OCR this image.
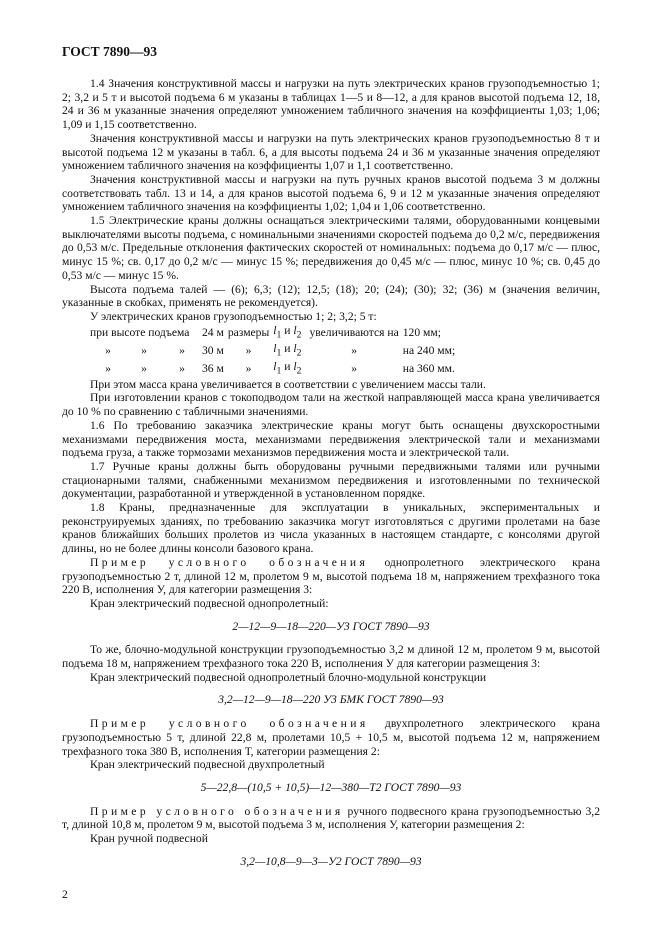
ГОСТ 7890—93

1.4 Значения конструктивной массы и нагрузки на путь электрических кранов грузоподъемностью 1; 2; 3,2 и 5 т и высотой подъема 6 м указаны в таблицах 1—5 и 8—12, а для кранов высотой подъема 12, 18, 24 и 36 м указанные значения определяют умножением табличного значения на коэффициенты 1,03; 1,06; 1,09 и 1,15 соответственно.

Значения конструктивной массы и нагрузки на путь электрических кранов грузоподъемностью 8 т и высотой подъема 12 м указаны в табл. 6, а для высоты подъема 24 и 36 м указанные значения определяют умножением табличного значения на коэффициенты 1,07 и 1,1 соответственно.

Значения конструктивной массы и нагрузки на путь ручных кранов высотой подъема 3 м должны соответствовать табл. 13 и 14, а для кранов высотой подъема 6, 9 и 12 м указанные значения определяют умножением табличного значения на коэффициенты 1,02; 1,04 и 1,06 соответственно.

1.5 Электрические краны должны оснащаться электрическими талями, оборудованными концевыми выключателями высоты подъема, с номинальными значениями скоростей подъема до 0,2 м/с, передвижения до 0,53 м/с. Предельные отклонения фактических скоростей от номинальных: подъема до 0,17 м/с — плюс, минус 15 %; св. 0,17 до 0,2 м/с — минус 15 %; передвижения до 0,45 м/с — плюс, минус 10 %; св. 0,45 до 0,53 м/с — минус 15 %.

Высота подъема талей — (6); 6,3; (12); 12,5; (18); 20; (24); (30); 32; (36) м (значения величин, указанные в скобках, применять не рекомендуется).

У электрических кранов грузоподъемностью 1; 2; 3,2; 5 т:

при высоте подъема			24 м	размеры	$l_1$ и $l_2$	увеличиваются на	120 мм;
»	»	»	30 м	»	$l_1$ и $l_2$	»	на 240 мм;
»	»	»	36 м	»	$l_1$ и $l_2$	»	на 360 мм.

При этом масса крана увеличивается в соответствии с увеличением массы тали.

При изготовлении кранов с токоподводом тали на жесткой направляющей масса крана увеличивается до 10 % по сравнению с табличными значениями.

1.6 По требованию заказчика электрические краны могут быть оснащены двухскоростными механизмами передвижения моста, механизмами передвижения электрической тали и механизмами подъема груза, а также тормозами механизмов передвижения моста и электрической тали.

1.7 Ручные краны должны быть оборудованы ручными передвижными талями или ручными стационарными талями, снабженными механизмом передвижения и изготовленными по технической документации, разработанной и утвержденной в установленном порядке.

1.8 Краны, предназначенные для эксплуатации в уникальных, экспериментальных и реконструируемых зданиях, по требованию заказчика могут изготовляться с другими пролетами на базе кранов ближайших больших пролетов из числа указанных в настоящем стандарте, с консолями другой длины, но не более длины консоли базового крана.

Пример условного обозначения однопролетного электрического крана грузоподъемностью 2 т, длиной 12 м, пролетом 9 м, высотой подъема 18 м, напряжением трехфазного тока 220 В, исполнения У, для категории размещения 3:

Кран электрический подвесной однопролетный:

2—12—9—18—220—У3 ГОСТ 7890—93

То же, блочно-модульной конструкции грузоподъемностью 3,2 м длиной 12 м, пролетом 9 м, высотой подъема 18 м, напряжением трехфазного тока 220 В, исполнения У для категории размещения 3:

Кран электрический подвесной однопролетный блочно-модульной конструкции

3,2—12—9—18—220 У3 БМК ГОСТ 7890—93

Пример условного обозначения двухпролетного электрического крана грузоподъемностью 5 т, длиной 22,8 м, пролетами 10,5 + 10,5 м, высотой подъема 12 м, напряжением трехфазного тока 380 В, исполнения Т, категории размещения 2:

Кран электрический подвесной двухпролетный

5—22,8—(10,5 + 10,5)—12—380—Т2 ГОСТ 7890—93

Пример условного обозначения ручного подвесного крана грузоподъемностью 3,2 т, длиной 10,8 м, пролетом 9 м, высотой подъема 3 м, исполнения У, категории размещения 2:

Кран ручной подвесной

3,2—10,8—9—3—У2 ГОСТ 7890—93

2
